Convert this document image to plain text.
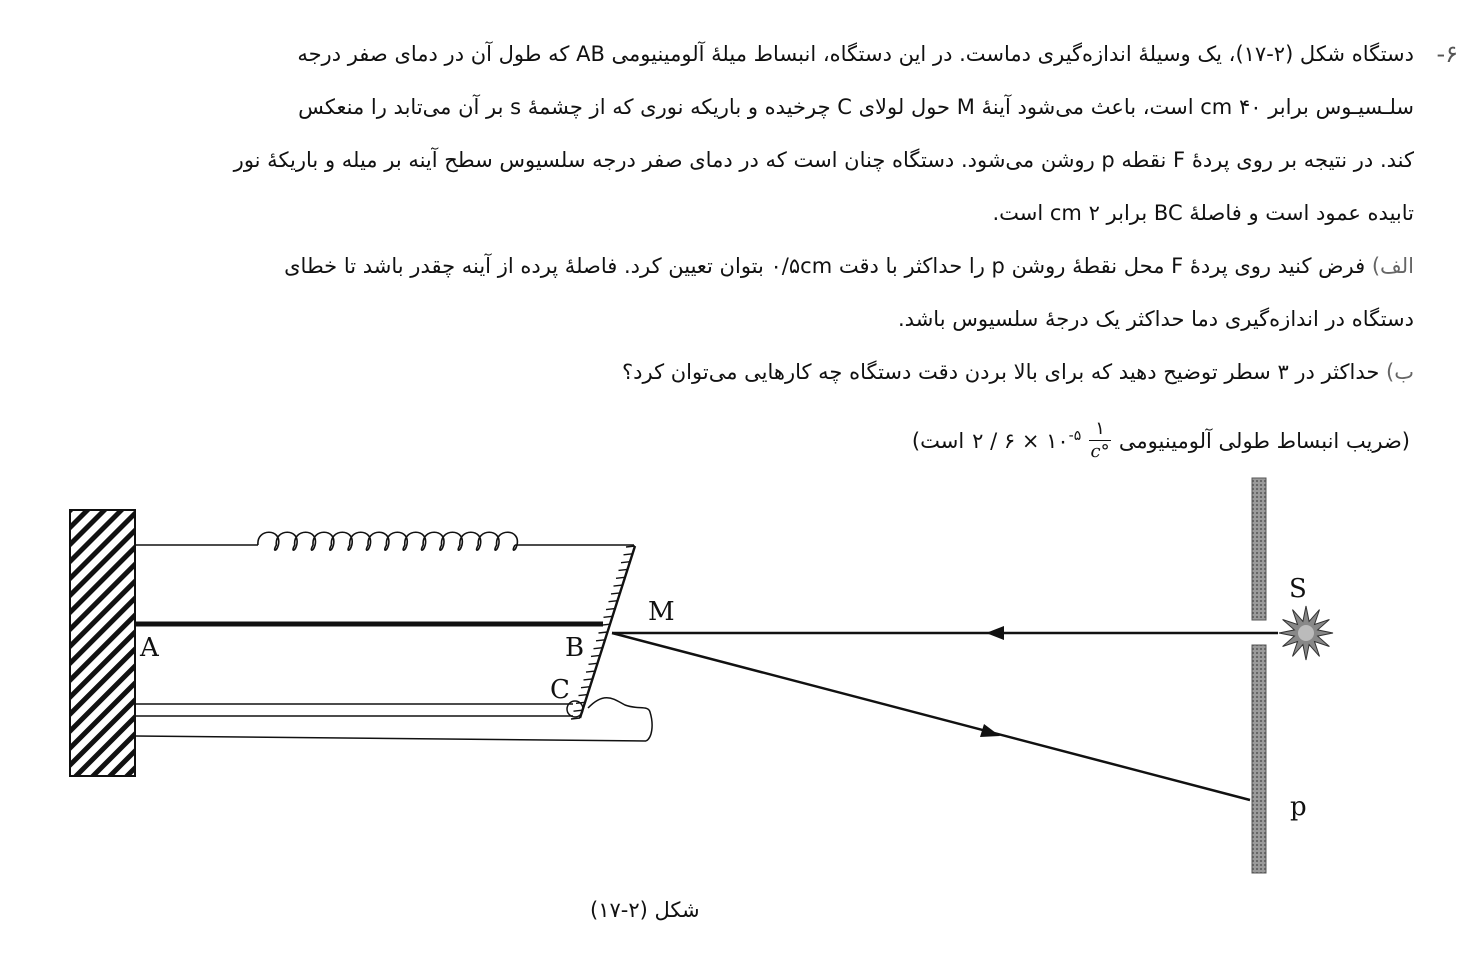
-۶

دستگاه شکل (۲-۱۷)، یک وسیلهٔ اندازه‌گیری دماست. در این دستگاه، انبساط میلهٔ آلومینیومی AB که طول آن در دمای صفر درجه

سلـسیـوس برابر ۴۰ cm است، باعث می‌شود آینهٔ M حول لولای C چرخیده و باریکه نوری که از چشمهٔ s بر آن می‌تابد را منعکس

کند. در نتیجه بر روی پردهٔ F نقطه p روشن می‌شود. دستگاه چنان است که در دمای صفر درجه سلسیوس سطح آینه بر میله و باریکهٔ نور

تابیده عمود است و فاصلهٔ BC برابر ۲ cm است.

الف) فرض کنید روی پردهٔ F محل نقطهٔ روشن p را حداکثر با دقت ۰/۵cm بتوان تعیین کرد. فاصلهٔ پرده از آینه چقدر باشد تا خطای

دستگاه در اندازه‌گیری دما حداکثر یک درجهٔ سلسیوس باشد.

ب) حداکثر در ۳ سطر توضیح دهید که برای بالا بردن دقت دستگاه چه کارهایی می‌توان کرد؟

(ضریب انبساط طولی آلومینیومی
$\frac{۱}{^\circ c}$
۲ / ۶ × $۱۰^{-۵}$
است)
A	B
C
M
S
p
شکل (۲-۱۷)
